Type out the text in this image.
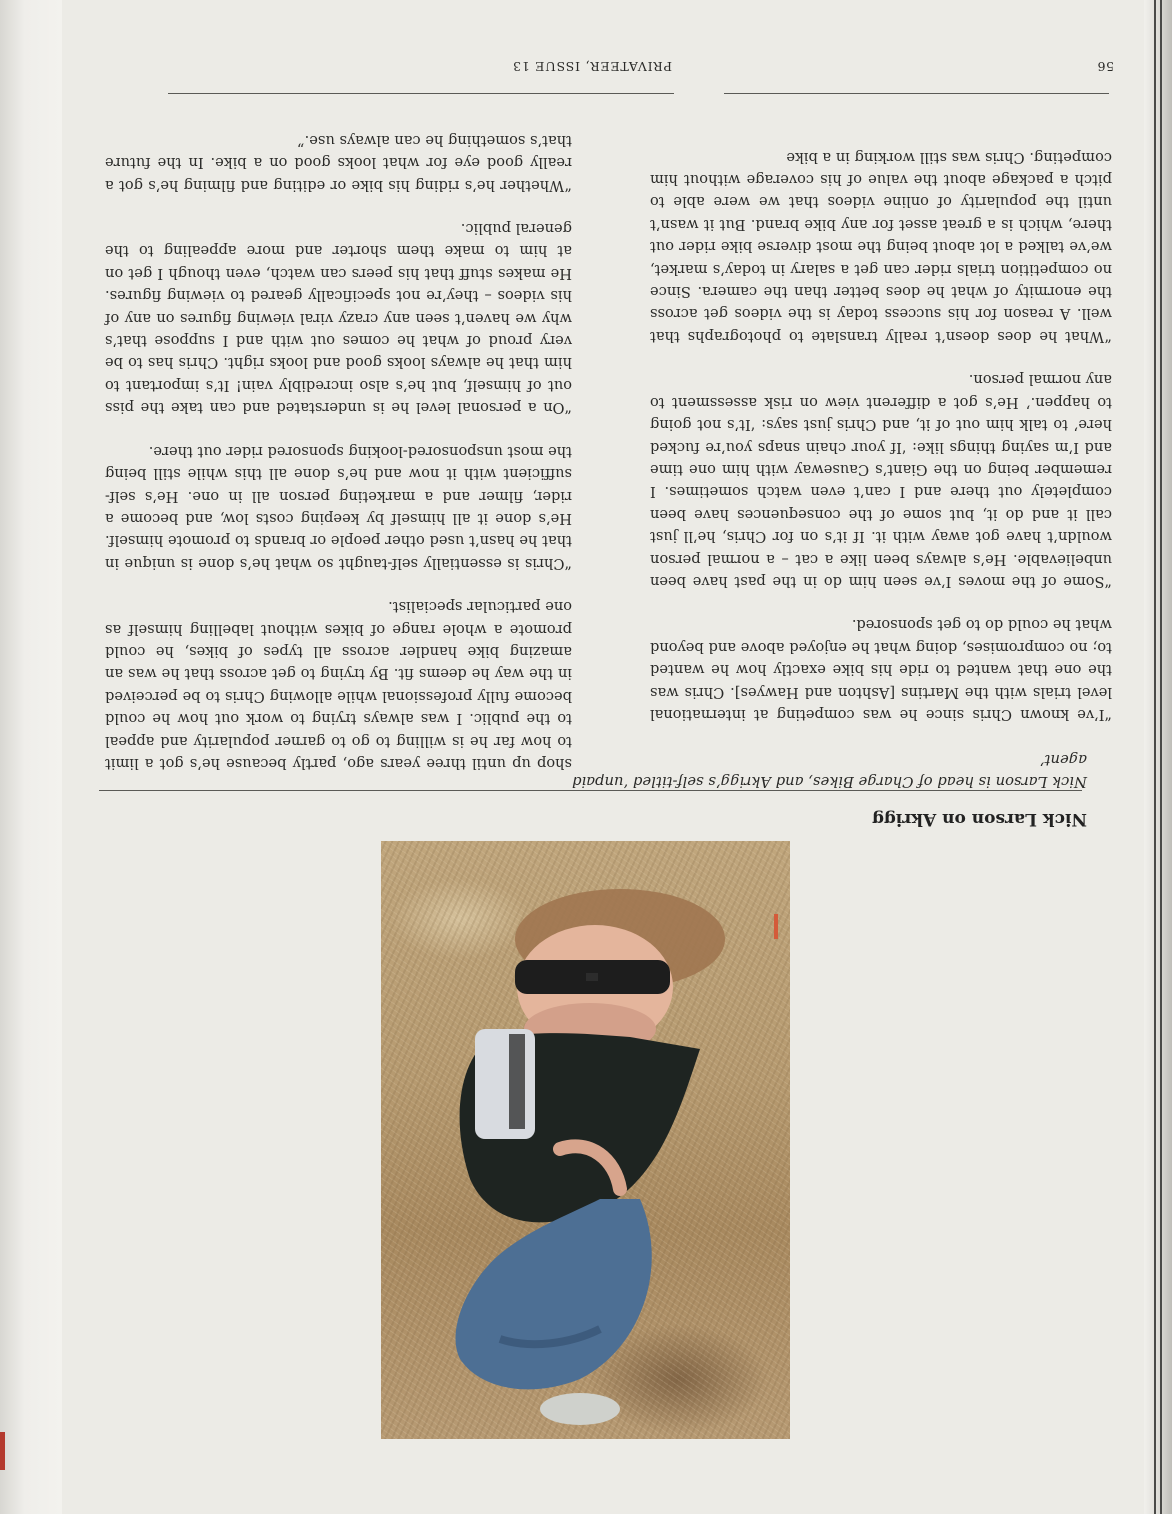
56
PRIVATEER, ISSUE 13
Nick Larson on Akrigg
Nick Larson is head of Charge Bikes, and Akrigg’s self-titled ‘unpaid agent’

“I’ve known Chris since he was competing at international level trials with the Martins [Ashton and Hawyes]. Chris was the one that wanted to ride his bike exactly how he wanted to; no compromises, doing what he enjoyed above and beyond what he could do to get sponsored.

“Some of the moves I’ve seen him do in the past have been unbelievable. He’s always been like a cat – a normal person wouldn’t have got away with it. If it’s on for Chris, he’ll just call it and do it, but some of the consequences have been completely out there and I can’t even watch sometimes. I remember being on the Giant’s Causeway with him one time and I’m saying things like: ‘If your chain snaps you’re fucked here’ to talk him out of it, and Chris just says: ‘It’s not going to happen.’ He’s got a different view on risk assessment to any normal person.

“What he does doesn’t really translate to photographs that well. A reason for his success today is the videos get across the enormity of what he does better than the camera. Since no competition trials rider can get a salary in today’s market, we’ve talked a lot about being the most diverse bike rider out there, which is a great asset for any bike brand. But it wasn’t until the popularity of online videos that we were able to pitch a package about the value of his coverage without him competing. Chris was still working in a bike

shop up until three years ago, partly because he’s got a limit to how far he is willing to go to garner popularity and appeal to the public. I was always trying to work out how he could become fully professional while allowing Chris to be perceived in the way he deems fit. By trying to get across that he was an amazing bike handler across all types of bikes, he could promote a whole range of bikes without labelling himself as one particular specialist.

“Chris is essentially self-taught so what he’s done is unique in that he hasn’t used other people or brands to promote himself. He’s done it all himself by keeping costs low, and become a rider, filmer and a marketing person all in one. He’s self-sufficient with it now and he’s done all this while still being the most unsponsored-looking sponsored rider out there.

“On a personal level he is understated and can take the piss out of himself, but he’s also incredibly vain! It’s important to him that he always looks good and looks right. Chris has to be very proud of what he comes out with and I suppose that’s why we haven’t seen any crazy viral viewing figures on any of his videos – they’re not specifically geared to viewing figures. He makes stuff that his peers can watch, even though I get on at him to make them shorter and more appealing to the general public.

“Whether he’s riding his bike or editing and filming he’s got a really good eye for what looks good on a bike. In the future that’s something he can always use.”
